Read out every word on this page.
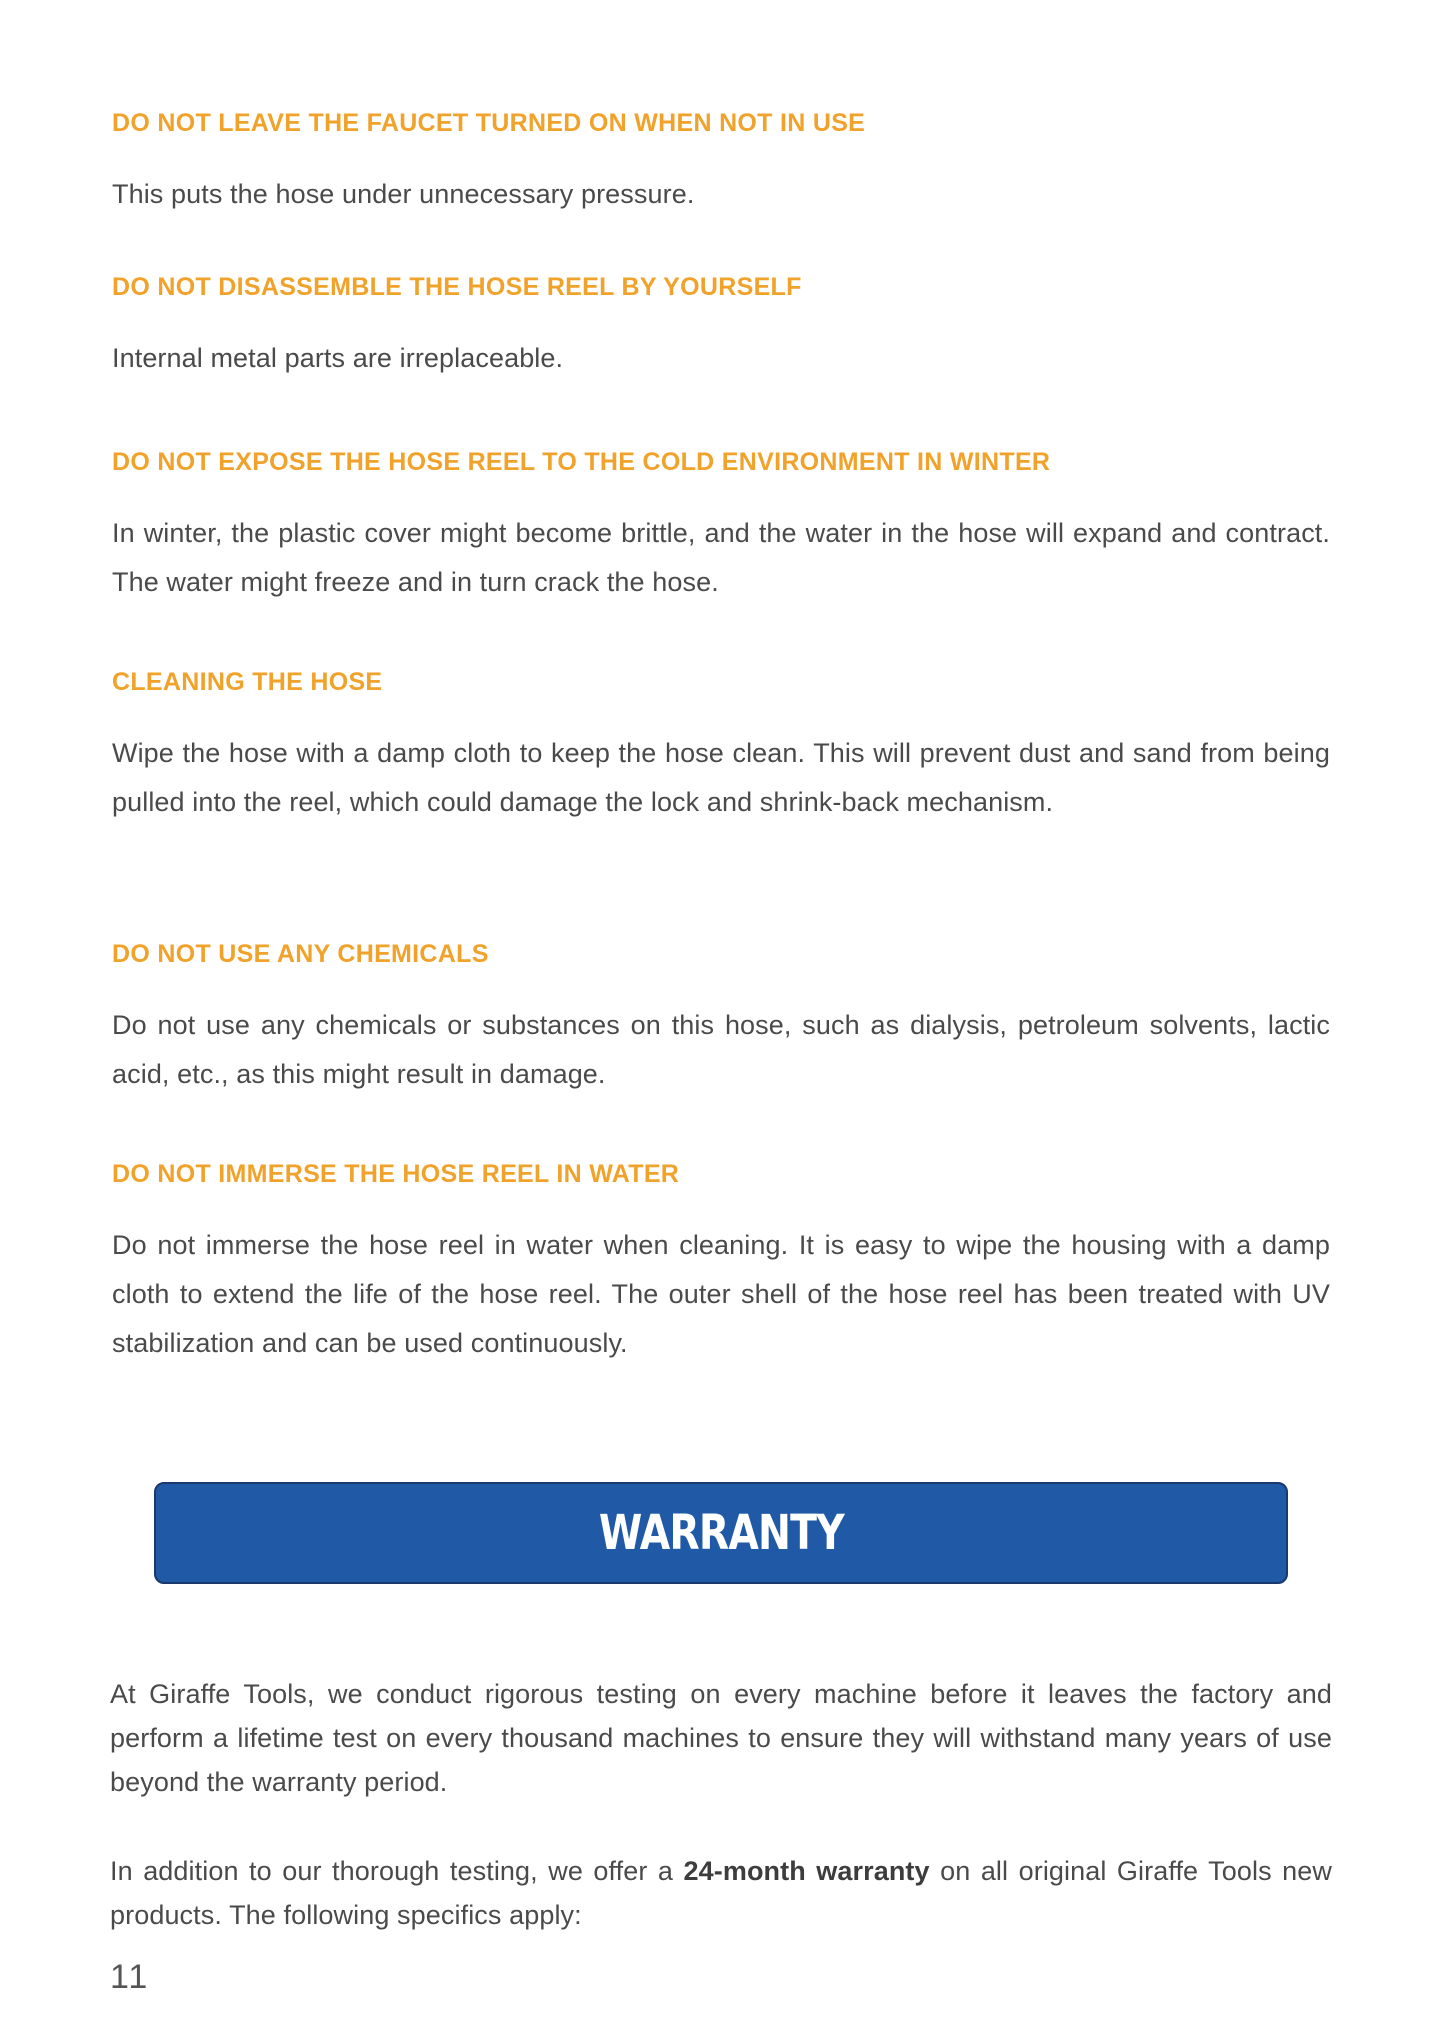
DO NOT LEAVE THE FAUCET TURNED ON WHEN NOT IN USE

This puts the hose under unnecessary pressure.

DO NOT DISASSEMBLE THE HOSE REEL BY YOURSELF

Internal metal parts are irreplaceable.

DO NOT EXPOSE THE HOSE REEL TO THE COLD ENVIRONMENT IN WINTER

In winter, the plastic cover might become brittle, and the water in the hose will expand and contract. The water might freeze and in turn crack the hose.

CLEANING THE HOSE

Wipe the hose with a damp cloth to keep the hose clean. This will prevent dust and sand from being pulled into the reel, which could damage the lock and shrink-back mechanism.

DO NOT USE ANY CHEMICALS

Do not use any chemicals or substances on this hose, such as dialysis, petroleum solvents, lactic acid, etc., as this might result in damage.

DO NOT IMMERSE THE HOSE REEL IN WATER

Do not immerse the hose reel in water when cleaning. It is easy to wipe the housing with a damp cloth to extend the life of the hose reel. The outer shell of the hose reel has been treated with UV stabilization and can be used continuously.

WARRANTY

At Giraffe Tools, we conduct rigorous testing on every machine before it leaves the factory and perform a lifetime test on every thousand machines to ensure they will withstand many years of use beyond the warranty period.

In addition to our thorough testing, we offer a 24-month warranty on all original Giraffe Tools new products. The following specifics apply:

11
